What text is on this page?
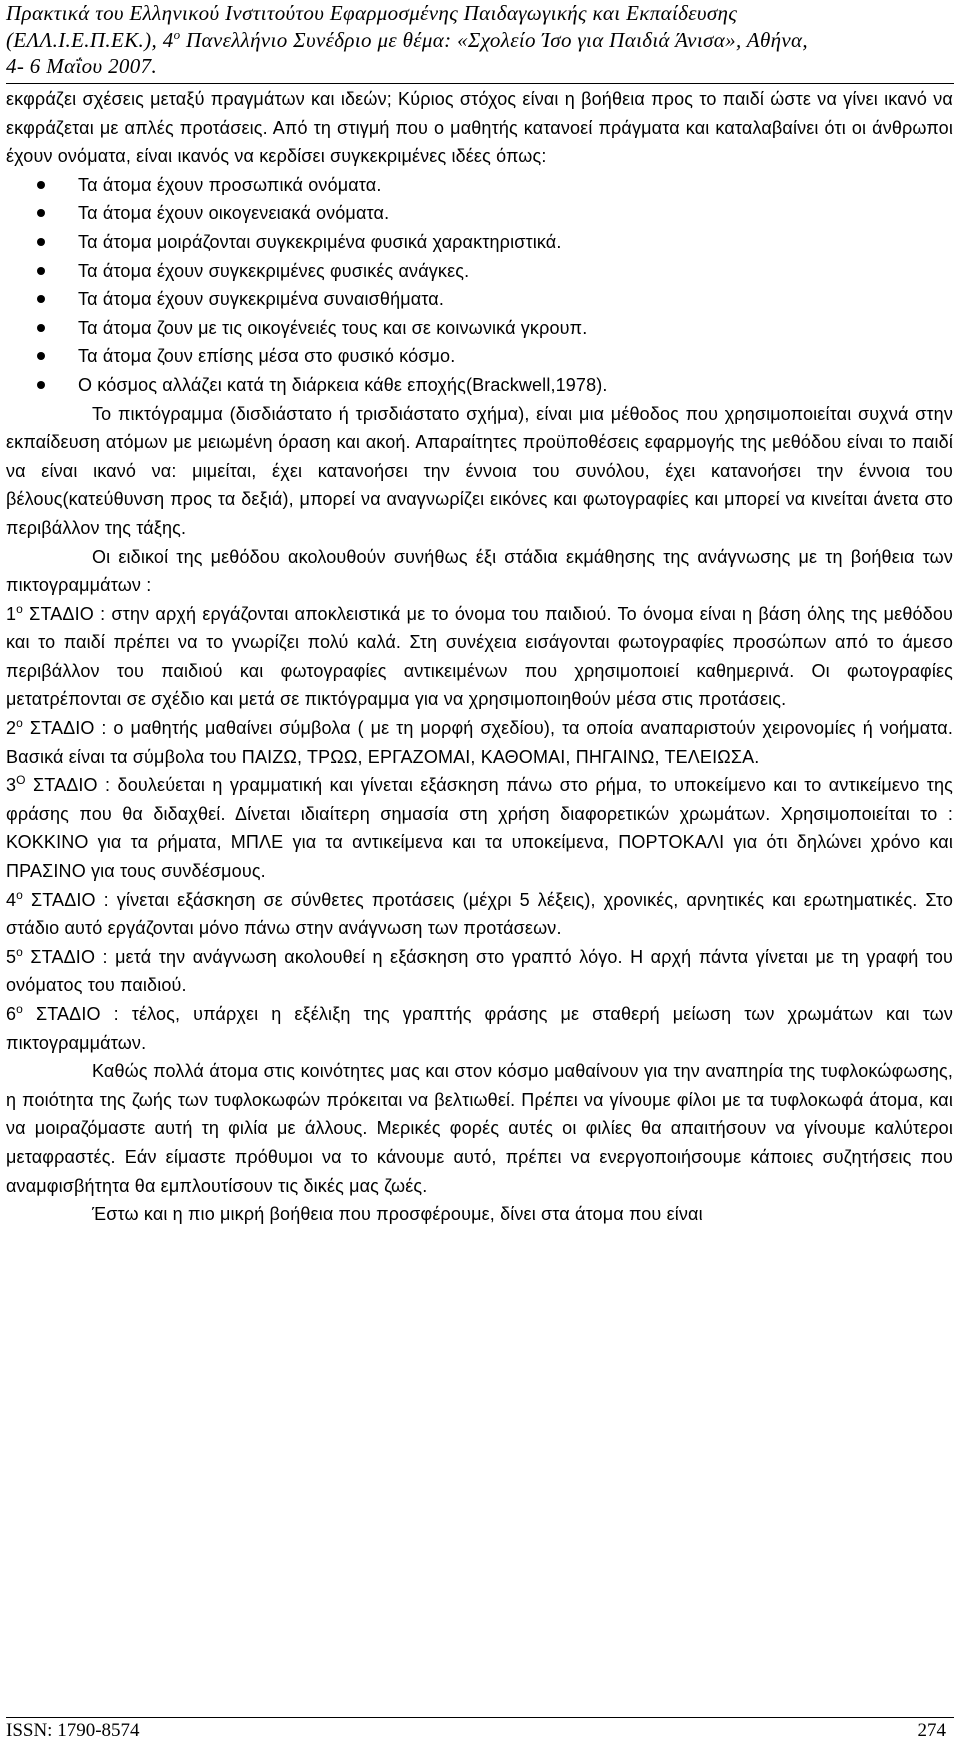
Πρακτικά του Ελληνικού Ινστιτούτου Εφαρμοσμένης Παιδαγωγικής και Εκπαίδευσης
(ΕΛΛ.Ι.Ε.Π.ΕΚ.), $4^o$ Πανελλήνιο Συνέδριο με θέμα: «Σχολείο Ίσο για Παιδιά Άνισα», Αθήνα,
4- 6 Μαΐου 2007.

εκφράζει σχέσεις μεταξύ πραγμάτων και ιδεών; Κύριος στόχος είναι η βοήθεια προς το παιδί ώστε να γίνει ικανό να εκφράζεται με απλές προτάσεις. Από τη στιγμή που ο μαθητής κατανοεί πράγματα και καταλαβαίνει ότι οι άνθρωποι έχουν ονόματα, είναι ικανός να κερδίσει συγκεκριμένες ιδέες όπως:

Τα άτομα έχουν προσωπικά ονόματα.
Τα άτομα έχουν οικογενειακά ονόματα.
Τα άτομα μοιράζονται συγκεκριμένα φυσικά χαρακτηριστικά.
Τα άτομα έχουν συγκεκριμένες φυσικές ανάγκες.
Τα άτομα έχουν συγκεκριμένα συναισθήματα.
Τα άτομα ζουν με τις οικογένειές τους και σε κοινωνικά γκρουπ.
Τα άτομα ζουν επίσης μέσα στο φυσικό κόσμο.
Ο κόσμος αλλάζει κατά τη διάρκεια κάθε εποχής(Brackwell,1978).

Το πικτόγραμμα (δισδιάστατο ή τρισδιάστατο σχήμα), είναι μια μέθοδος που χρησιμοποιείται συχνά στην εκπαίδευση ατόμων με μειωμένη όραση και ακοή. Απαραίτητες προϋποθέσεις εφαρμογής της μεθόδου είναι το παιδί να είναι ικανό να: μιμείται, έχει κατανοήσει την έννοια του συνόλου, έχει κατανοήσει την έννοια του βέλους(κατεύθυνση προς τα δεξιά), μπορεί να αναγνωρίζει εικόνες και φωτογραφίες και μπορεί να κινείται άνετα στο περιβάλλον της τάξης.

Οι ειδικοί της μεθόδου ακολουθούν συνήθως έξι στάδια εκμάθησης της ανάγνωσης με τη βοήθεια των πικτογραμμάτων :

$1^o$ ΣΤΑΔΙΟ : στην αρχή εργάζονται αποκλειστικά με το όνομα του παιδιού. Το όνομα είναι η βάση όλης της μεθόδου και το παιδί πρέπει να το γνωρίζει πολύ καλά. Στη συνέχεια εισάγονται φωτογραφίες προσώπων από το άμεσο περιβάλλον του παιδιού και φωτογραφίες αντικειμένων που χρησιμοποιεί καθημερινά. Οι φωτογραφίες μετατρέπονται σε σχέδιο και μετά σε πικτόγραμμα για να χρησιμοποιηθούν μέσα στις προτάσεις.

$2^o$ ΣΤΑΔΙΟ : ο μαθητής μαθαίνει σύμβολα ( με τη μορφή σχεδίου), τα οποία αναπαριστούν χειρονομίες ή νοήματα. Βασικά είναι τα σύμβολα του ΠΑΙΖΩ, ΤΡΩΩ, ΕΡΓΑΖΟΜΑΙ, ΚΑΘΟΜΑΙ, ΠΗΓΑΙΝΩ, ΤΕΛΕΙΩΣΑ.

$3^O$ ΣΤΑΔΙΟ : δουλεύεται η γραμματική και γίνεται εξάσκηση πάνω στο ρήμα, το υποκείμενο και το αντικείμενο της φράσης που θα διδαχθεί. Δίνεται ιδιαίτερη σημασία στη χρήση διαφορετικών χρωμάτων. Χρησιμοποιείται το : ΚΟΚΚΙΝΟ για τα ρήματα, ΜΠΛΕ για τα αντικείμενα και τα υποκείμενα, ΠΟΡΤΟΚΑΛΙ για ότι δηλώνει χρόνο και ΠΡΑΣΙΝΟ για τους συνδέσμους.

$4^o$ ΣΤΑΔΙΟ : γίνεται εξάσκηση σε σύνθετες προτάσεις (μέχρι 5 λέξεις), χρονικές, αρνητικές και ερωτηματικές. Στο στάδιο αυτό εργάζονται μόνο πάνω στην ανάγνωση των προτάσεων.

$5^o$ ΣΤΑΔΙΟ : μετά την ανάγνωση ακολουθεί η εξάσκηση στο γραπτό λόγο. Η αρχή πάντα γίνεται με τη γραφή του ονόματος του παιδιού.

$6^o$ ΣΤΑΔΙΟ : τέλος, υπάρχει η εξέλιξη της γραπτής φράσης με σταθερή μείωση των χρωμάτων και των πικτογραμμάτων.

Καθώς πολλά άτομα στις κοινότητες μας και στον κόσμο μαθαίνουν για την αναπηρία της τυφλοκώφωσης, η ποιότητα της ζωής των τυφλοκωφών πρόκειται να βελτιωθεί. Πρέπει να γίνουμε φίλοι με τα τυφλοκωφά άτομα, και να μοιραζόμαστε αυτή τη φιλία με άλλους. Μερικές φορές αυτές οι φιλίες θα απαιτήσουν να γίνουμε καλύτεροι μεταφραστές. Εάν είμαστε πρόθυμοι να το κάνουμε αυτό, πρέπει να ενεργοποιήσουμε κάποιες συζητήσεις που αναμφισβήτητα θα εμπλουτίσουν τις δικές μας ζωές.

Έστω και η πιο μικρή βοήθεια που προσφέρουμε, δίνει στα άτομα που είναι

ISSN: 1790-8574	274
